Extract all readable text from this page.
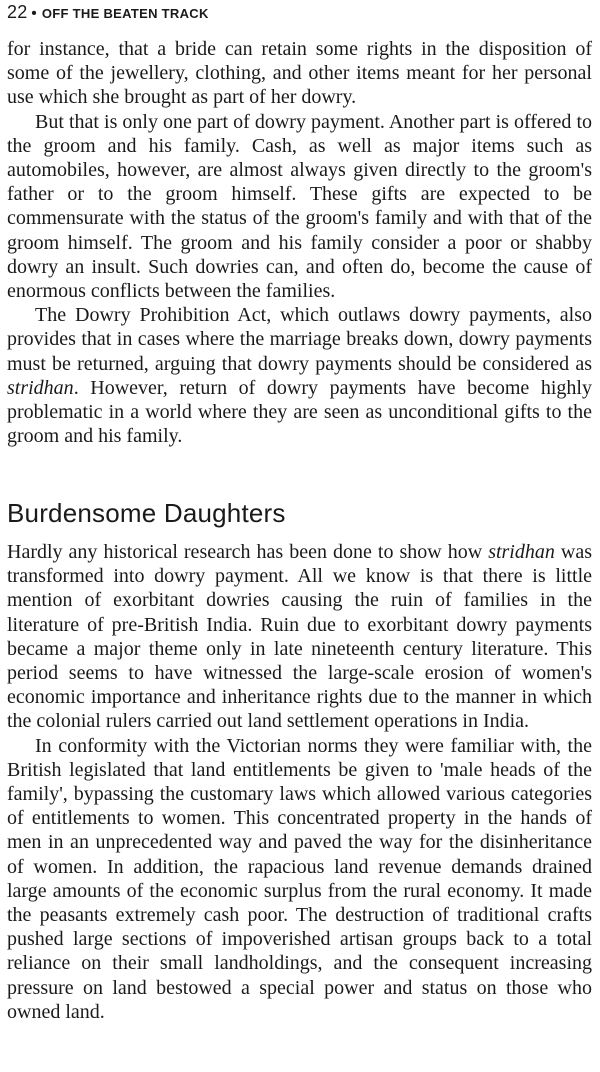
22 • OFF THE BEATEN TRACK

for instance, that a bride can retain some rights in the disposition of some of the jewellery, clothing, and other items meant for her personal use which she brought as part of her dowry.

But that is only one part of dowry payment. Another part is offered to the groom and his family. Cash, as well as major items such as automobiles, however, are almost always given directly to the groom's father or to the groom himself. These gifts are expected to be commensurate with the status of the groom's family and with that of the groom himself. The groom and his family consider a poor or shabby dowry an insult. Such dowries can, and often do, become the cause of enormous conflicts between the families.

The Dowry Prohibition Act, which outlaws dowry payments, also provides that in cases where the marriage breaks down, dowry payments must be returned, arguing that dowry payments should be considered as stridhan. However, return of dowry payments have become highly problematic in a world where they are seen as unconditional gifts to the groom and his family.

Burdensome Daughters

Hardly any historical research has been done to show how stridhan was transformed into dowry payment. All we know is that there is little mention of exorbitant dowries causing the ruin of families in the literature of pre-British India. Ruin due to exorbitant dowry payments became a major theme only in late nineteenth century literature. This period seems to have witnessed the large-scale erosion of women's economic importance and inheritance rights due to the manner in which the colonial rulers carried out land settlement operations in India.

In conformity with the Victorian norms they were familiar with, the British legislated that land entitlements be given to 'male heads of the family', bypassing the customary laws which allowed various categories of entitlements to women. This concentrated property in the hands of men in an unprecedented way and paved the way for the disinheritance of women. In addition, the rapacious land revenue demands drained large amounts of the economic surplus from the rural economy. It made the peasants extremely cash poor. The destruction of traditional crafts pushed large sections of impoverished artisan groups back to a total reliance on their small landholdings, and the consequent increasing pressure on land bestowed a special power and status on those who owned land.
